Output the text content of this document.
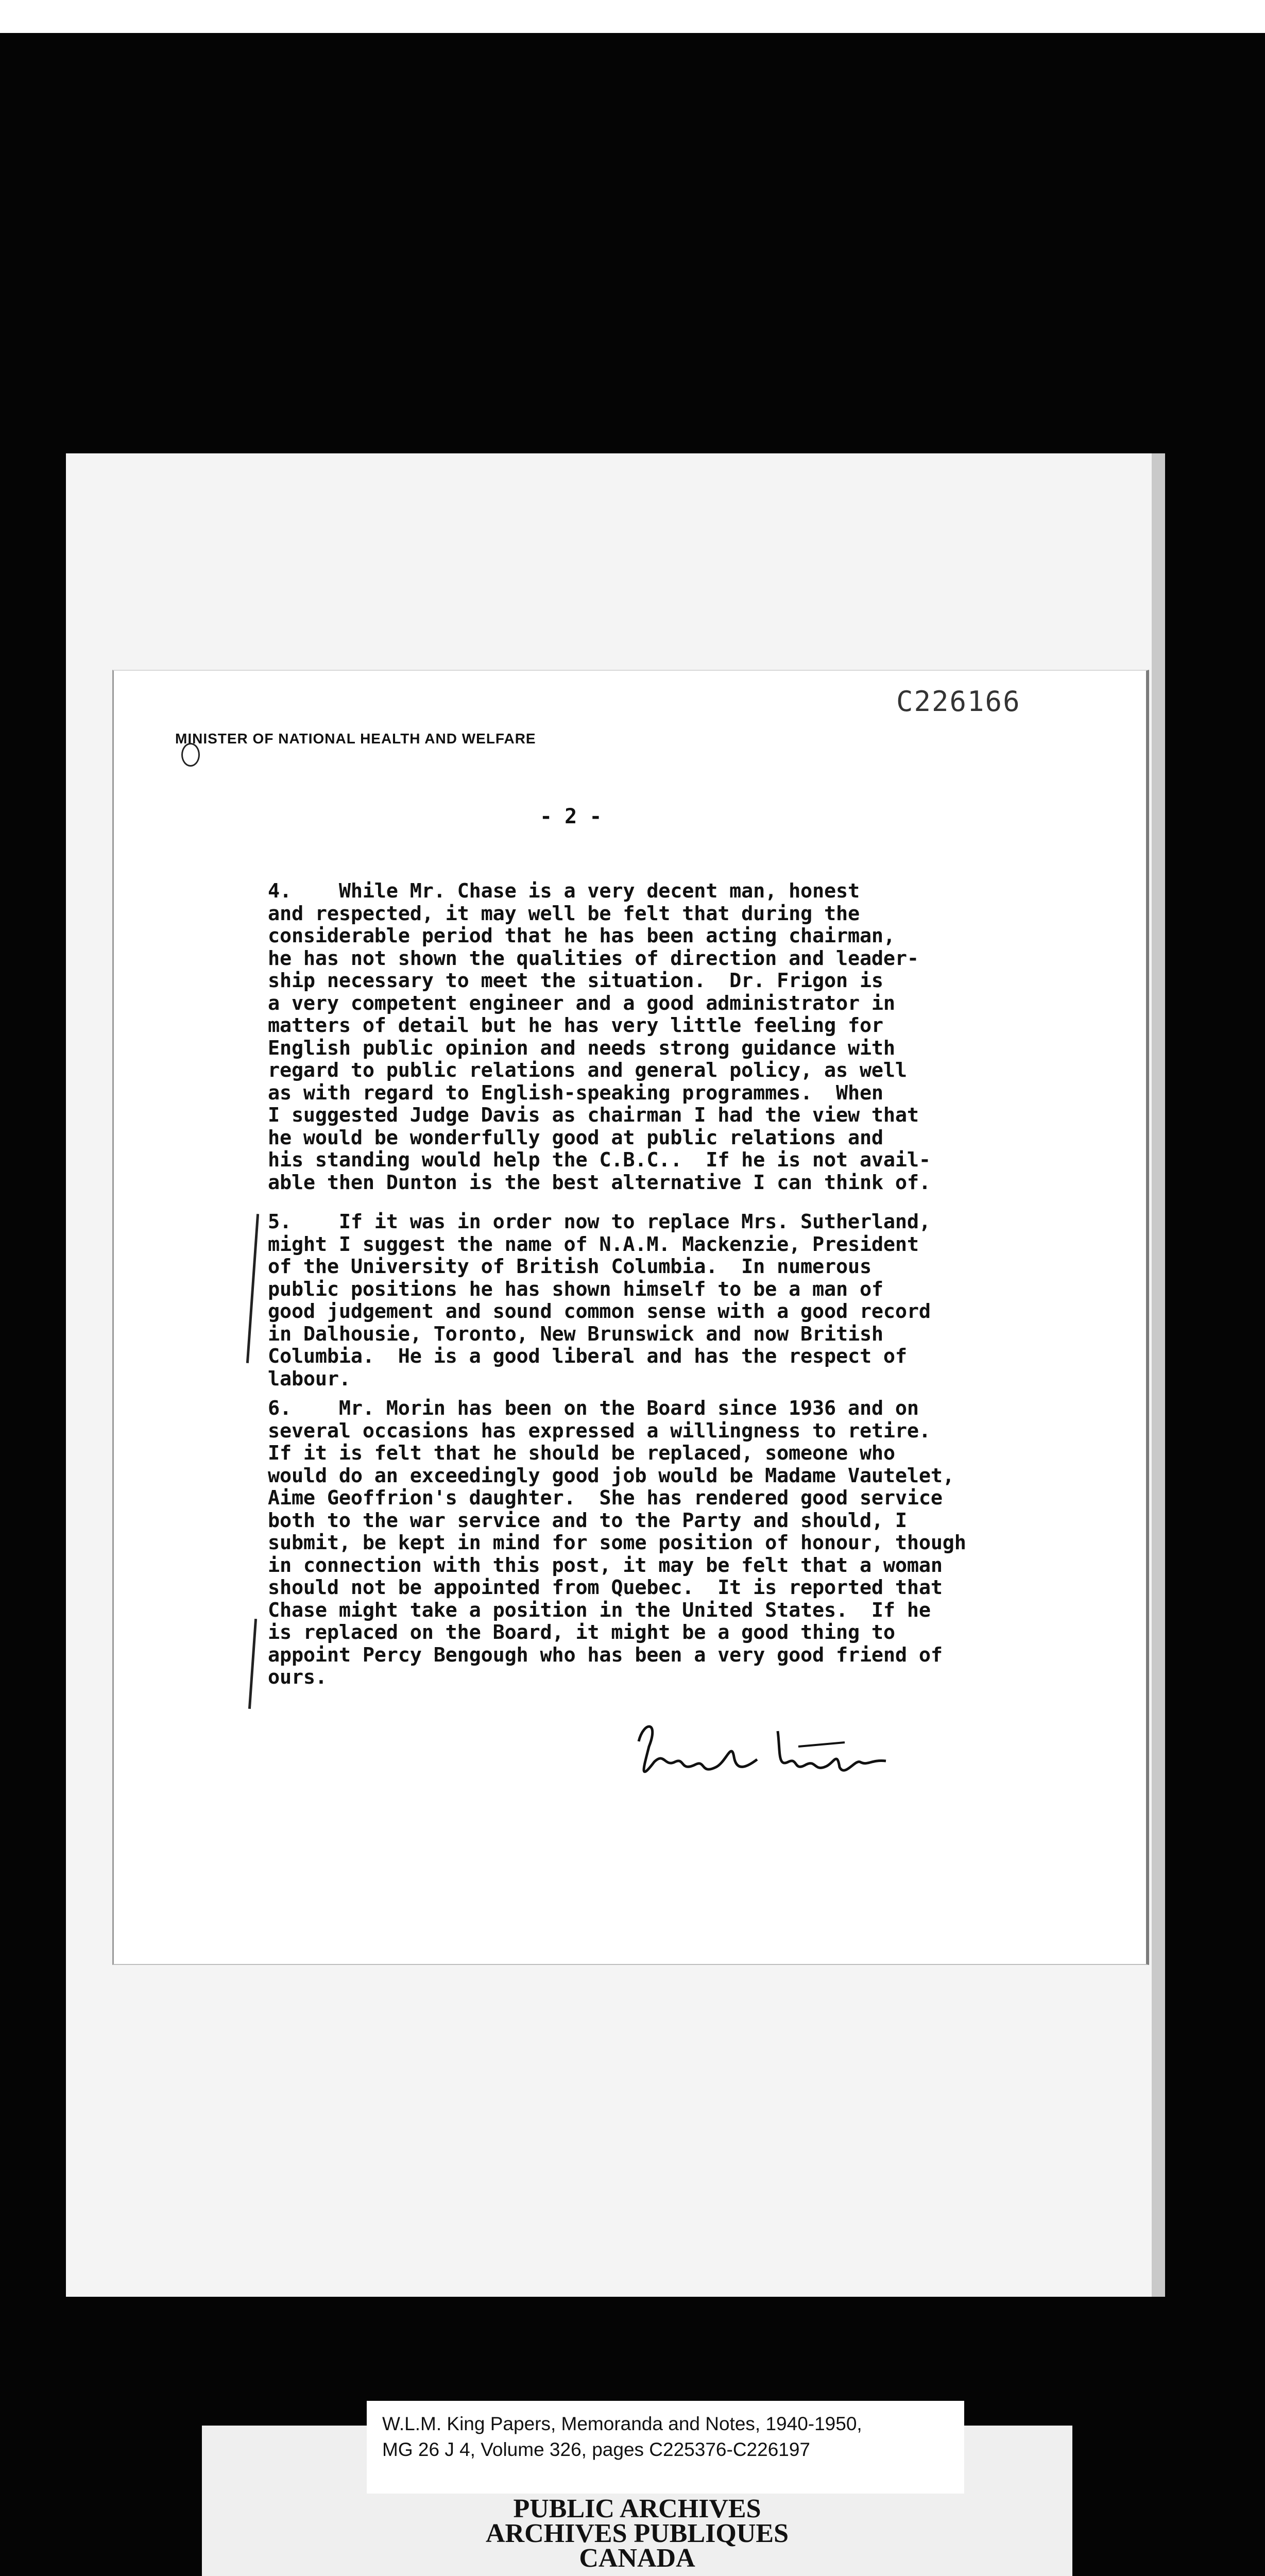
C226166
MINISTER OF NATIONAL HEALTH AND WELFARE
- 2 -
4.    While Mr. Chase is a very decent man, honest
and respected, it may well be felt that during the
considerable period that he has been acting chairman,
he has not shown the qualities of direction and leader-
ship necessary to meet the situation.  Dr. Frigon is
a very competent engineer and a good administrator in
matters of detail but he has very little feeling for
English public opinion and needs strong guidance with
regard to public relations and general policy, as well
as with regard to English-speaking programmes.  When
I suggested Judge Davis as chairman I had the view that
he would be wonderfully good at public relations and
his standing would help the C.B.C..  If he is not avail-
able then Dunton is the best alternative I can think of.
5.    If it was in order now to replace Mrs. Sutherland,
might I suggest the name of N.A.M. Mackenzie, President
of the University of British Columbia.  In numerous
public positions he has shown himself to be a man of
good judgement and sound common sense with a good record
in Dalhousie, Toronto, New Brunswick and now British
Columbia.  He is a good liberal and has the respect of
labour.
6.    Mr. Morin has been on the Board since 1936 and on
several occasions has expressed a willingness to retire.
If it is felt that he should be replaced, someone who
would do an exceedingly good job would be Madame Vautelet,
Aime Geoffrion's daughter.  She has rendered good service
both to the war service and to the Party and should, I
submit, be kept in mind for some position of honour, though
in connection with this post, it may be felt that a woman
should not be appointed from Quebec.  It is reported that
Chase might take a position in the United States.  If he
is replaced on the Board, it might be a good thing to
appoint Percy Bengough who has been a very good friend of
ours.
W.L.M. King Papers, Memoranda and Notes, 1940-1950,
MG 26 J 4, Volume 326, pages C225376-C226197
PUBLIC ARCHIVES
ARCHIVES PUBLIQUES
CANADA
